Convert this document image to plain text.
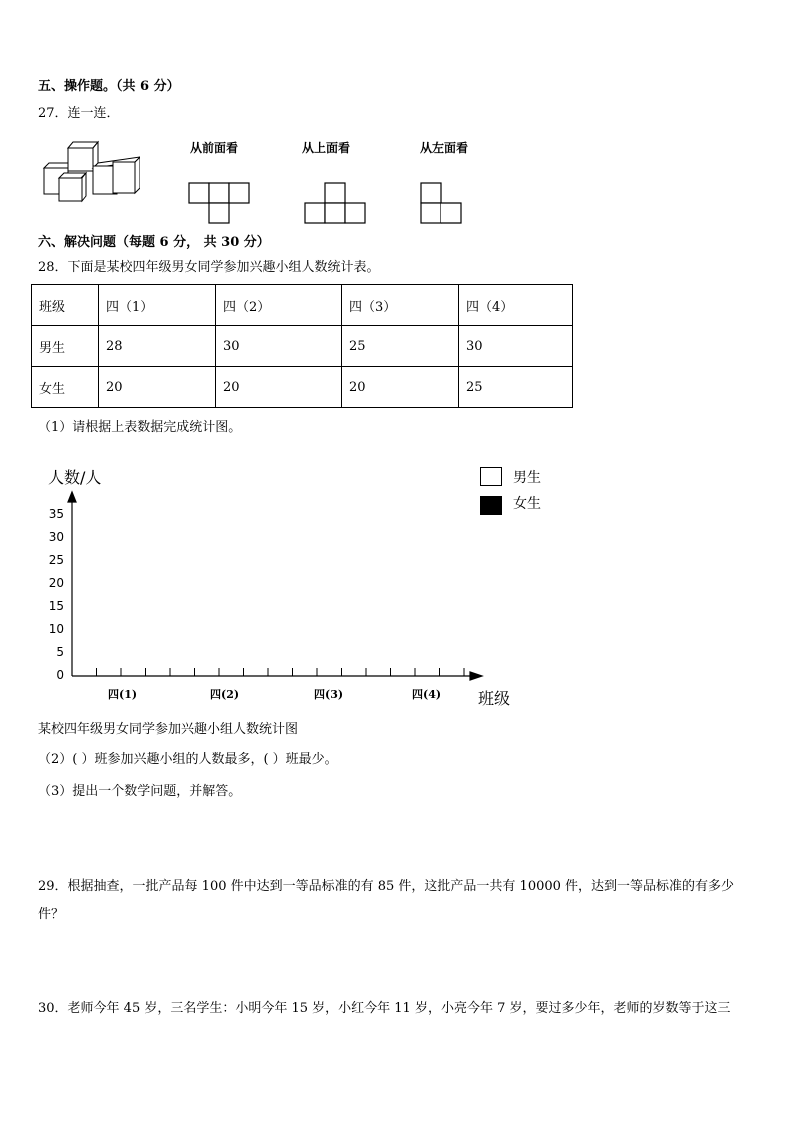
五、操作题。（共 6 分）
27．连一连．
从前面看	从上面看	从左面看
六、解决问题（每题 6 分， 共 30 分）
28．下面是某校四年级男女同学参加兴趣小组人数统计表。
班级	四（1）	四（2）	四（3）	四（4）
男生	28	30	25	30
女生	20	20	20	25
（1）请根据上表数据完成统计图。
人数/人	男生
女生
0
5
10
15
20
25
30
35
四(1)	四(2)	四(3)	四(4) 班级
某校四年级男女同学参加兴趣小组人数统计图
（2）( ）班参加兴趣小组的人数最多，( ）班最少。
（3）提出一个数学问题，并解答。
29．根据抽查，一批产品每 100 件中达到一等品标准的有 85 件，这批产品一共有 10000 件，达到一等品标准的有多少
件？
30．老师今年 45 岁，三名学生：小明今年 15 岁，小红今年 11 岁，小亮今年 7 岁，要过多少年，老师的岁数等于这三
